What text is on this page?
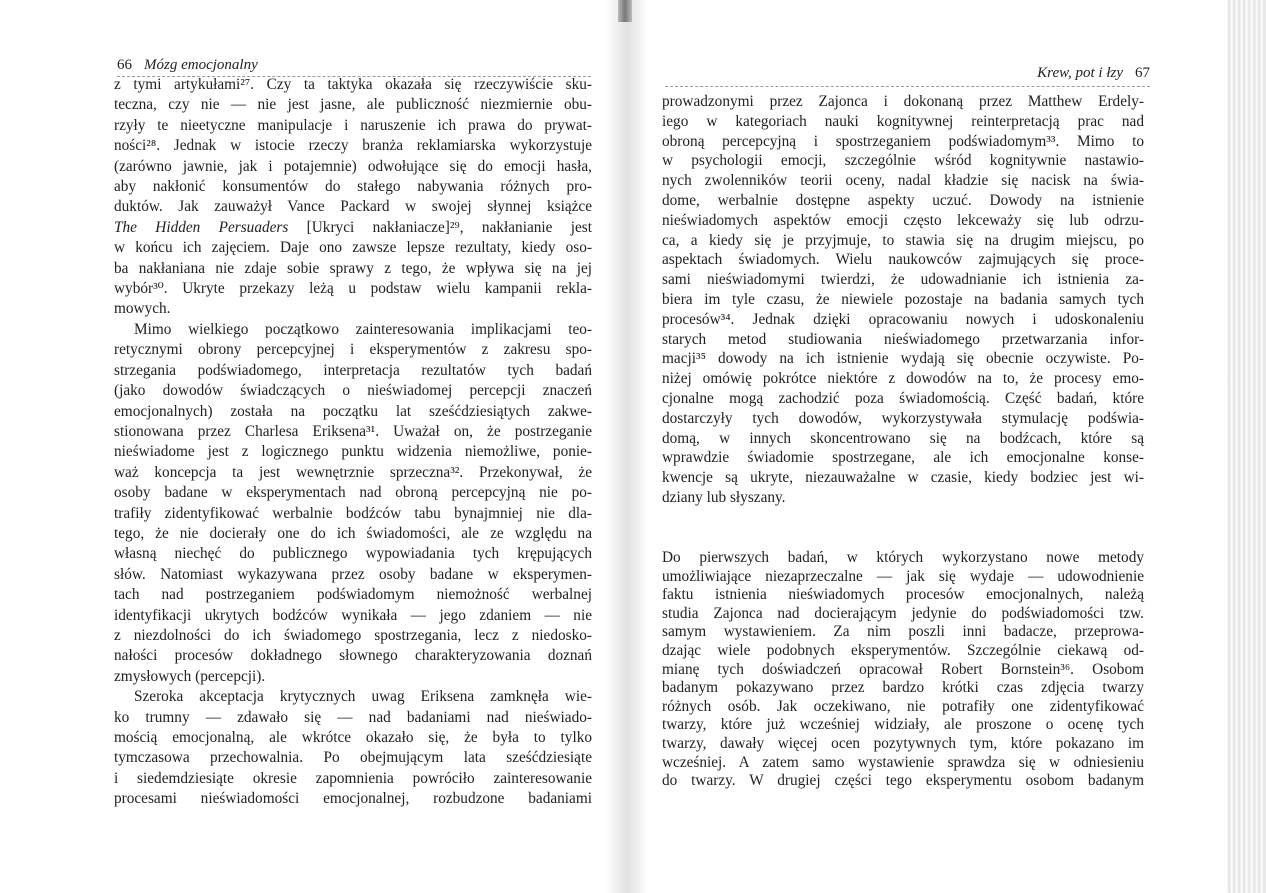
66 Mózg emocjonalny
z tymi artykułami²⁷. Czy ta taktyka okazała się rzeczywiście sku-
teczna, czy nie — nie jest jasne, ale publiczność niezmiernie obu-
rzyły te nieetyczne manipulacje i naruszenie ich prawa do prywat-
ności²⁸. Jednak w istocie rzeczy branża reklamiarska wykorzystuje
(zarówno jawnie, jak i potajemnie) odwołujące się do emocji hasła,
aby nakłonić konsumentów do stałego nabywania różnych pro-
duktów. Jak zauważył Vance Packard w swojej słynnej książce
The Hidden Persuaders [Ukryci nakłaniacze]²⁹, nakłanianie jest
w końcu ich zajęciem. Daje ono zawsze lepsze rezultaty, kiedy oso-
ba nakłaniana nie zdaje sobie sprawy z tego, że wpływa się na jej
wybór³⁰. Ukryte przekazy leżą u podstaw wielu kampanii rekla-
mowych.
Mimo wielkiego początkowo zainteresowania implikacjami teo-
retycznymi obrony percepcyjnej i eksperymentów z zakresu spo-
strzegania podświadomego, interpretacja rezultatów tych badań
(jako dowodów świadczących o nieświadomej percepcji znaczeń
emocjonalnych) została na początku lat sześćdziesiątych zakwe-
stionowana przez Charlesa Eriksena³¹. Uważał on, że postrzeganie
nieświadome jest z logicznego punktu widzenia niemożliwe, ponie-
waż koncepcja ta jest wewnętrznie sprzeczna³². Przekonywał, że
osoby badane w eksperymentach nad obroną percepcyjną nie po-
trafiły zidentyfikować werbalnie bodźców tabu bynajmniej nie dla-
tego, że nie docierały one do ich świadomości, ale ze względu na
własną niechęć do publicznego wypowiadania tych krępujących
słów. Natomiast wykazywana przez osoby badane w eksperymen-
tach nad postrzeganiem podświadomym niemożność werbalnej
identyfikacji ukrytych bodźców wynikała — jego zdaniem — nie
z niezdolności do ich świadomego spostrzegania, lecz z niedosko-
nałości procesów dokładnego słownego charakteryzowania doznań
zmysłowych (percepcji).
Szeroka akceptacja krytycznych uwag Eriksena zamknęła wie-
ko trumny — zdawało się — nad badaniami nad nieświado-
mością emocjonalną, ale wkrótce okazało się, że była to tylko
tymczasowa przechowalnia. Po obejmującym lata sześćdziesiąte
i siedemdziesiąte okresie zapomnienia powróciło zainteresowanie
procesami nieświadomości emocjonalnej, rozbudzone badaniami
Krew, pot i łzy 67
prowadzonymi przez Zajonca i dokonaną przez Matthew Erdely-
iego w kategoriach nauki kognitywnej reinterpretacją prac nad
obroną percepcyjną i spostrzeganiem podświadomym³³. Mimo to
w psychologii emocji, szczególnie wśród kognitywnie nastawio-
nych zwolenników teorii oceny, nadal kładzie się nacisk na świa-
dome, werbalnie dostępne aspekty uczuć. Dowody na istnienie
nieświadomych aspektów emocji często lekceważy się lub odrzu-
ca, a kiedy się je przyjmuje, to stawia się na drugim miejscu, po
aspektach świadomych. Wielu naukowców zajmujących się proce-
sami nieświadomymi twierdzi, że udowadnianie ich istnienia za-
biera im tyle czasu, że niewiele pozostaje na badania samych tych
procesów³⁴. Jednak dzięki opracowaniu nowych i udoskonaleniu
starych metod studiowania nieświadomego przetwarzania infor-
macji³⁵ dowody na ich istnienie wydają się obecnie oczywiste. Po-
niżej omówię pokrótce niektóre z dowodów na to, że procesy emo-
cjonalne mogą zachodzić poza świadomością. Część badań, które
dostarczyły tych dowodów, wykorzystywała stymulację podświa-
domą, w innych skoncentrowano się na bodźcach, które są
wprawdzie świadomie spostrzegane, ale ich emocjonalne konse-
kwencje są ukryte, niezauważalne w czasie, kiedy bodziec jest wi-
dziany lub słyszany.
Do pierwszych badań, w których wykorzystano nowe metody
umożliwiające niezaprzeczalne — jak się wydaje — udowodnienie
faktu istnienia nieświadomych procesów emocjonalnych, należą
studia Zajonca nad docierającym jedynie do podświadomości tzw.
samym wystawieniem. Za nim poszli inni badacze, przeprowa-
dzając wiele podobnych eksperymentów. Szczególnie ciekawą od-
mianę tych doświadczeń opracował Robert Bornstein³⁶. Osobom
badanym pokazywano przez bardzo krótki czas zdjęcia twarzy
różnych osób. Jak oczekiwano, nie potrafiły one zidentyfikować
twarzy, które już wcześniej widziały, ale proszone o ocenę tych
twarzy, dawały więcej ocen pozytywnych tym, które pokazano im
wcześniej. A zatem samo wystawienie sprawdza się w odniesieniu
do twarzy. W drugiej części tego eksperymentu osobom badanym
